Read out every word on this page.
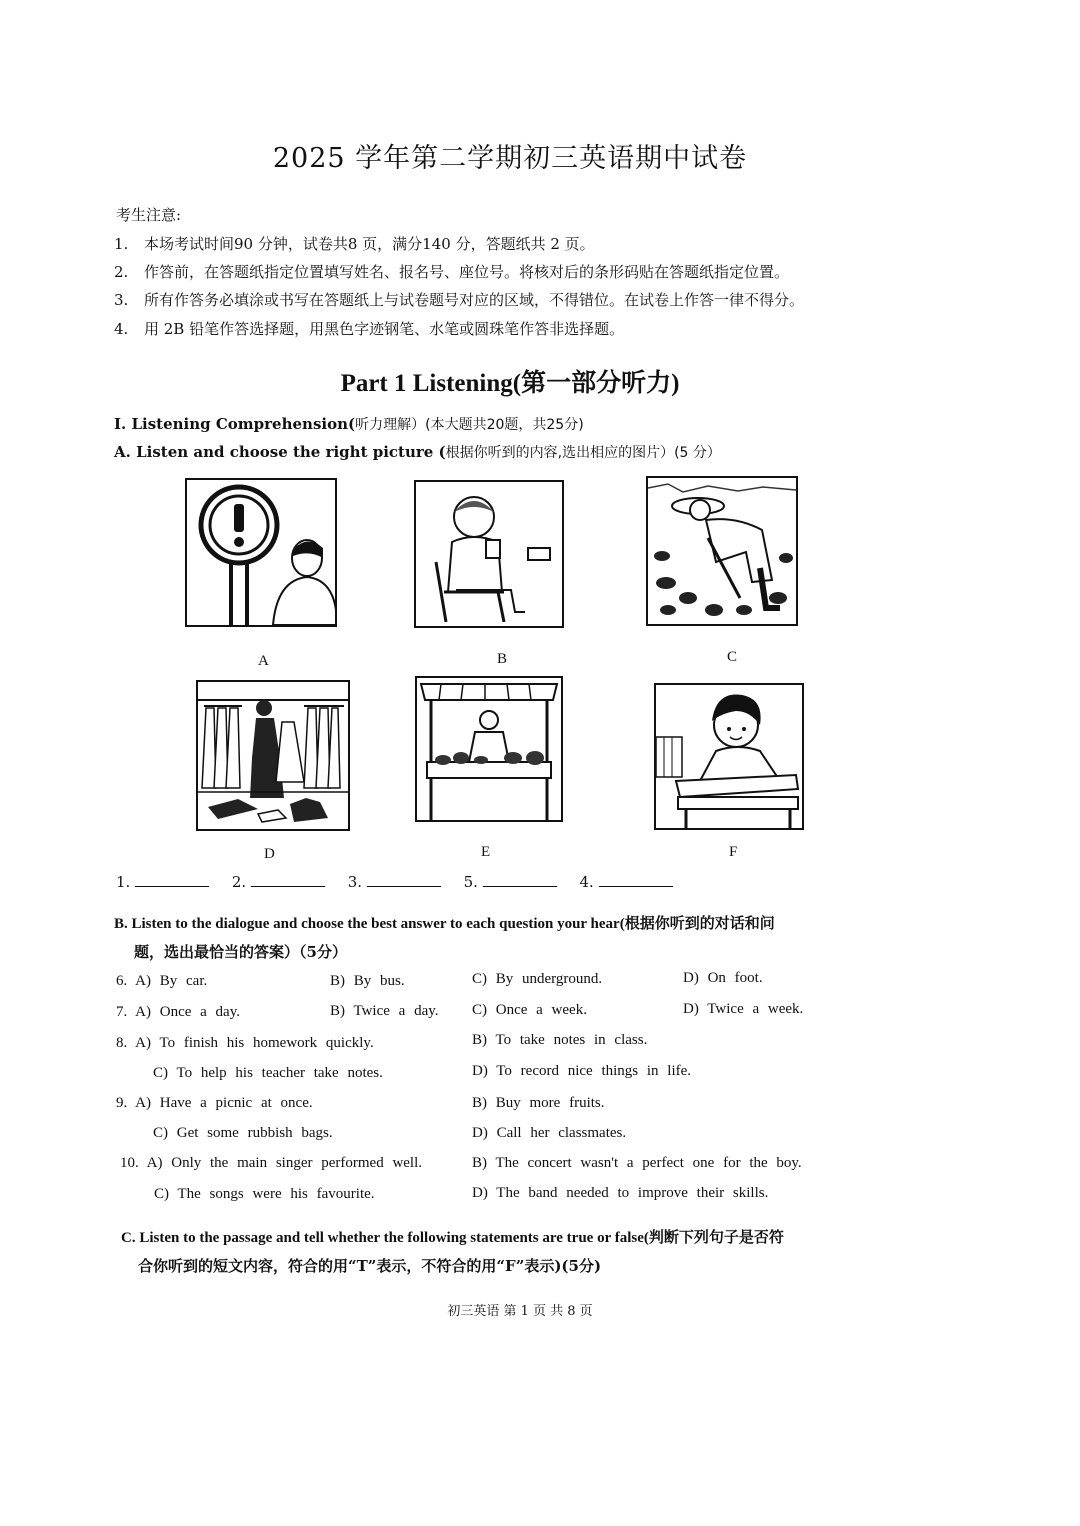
2025 学年第二学期初三英语期中试卷
考生注意:
1. 本场考试时间90 分钟，试卷共8 页，满分140 分，答题纸共 2 页。
2. 作答前，在答题纸指定位置填写姓名、报名号、座位号。将核对后的条形码贴在答题纸指定位置。
3. 所有作答务必填涂或书写在答题纸上与试卷题号对应的区域，不得错位。在试卷上作答一律不得分。
4. 用 2B 铅笔作答选择题，用黑色字迹钢笔、水笔或圆珠笔作答非选择题。
Part 1 Listening(第一部分听力)
I. Listening Comprehension(听力理解）(本大题共20题，共25分)
A. Listen and choose the right picture (根据你听到的内容,选出相应的图片）(5 分）
A	B	C
D	E	F
1.	2.	3.	5.	4.
B. Listen to the dialogue and choose the best answer to each question your hear(根据你听到的对话和问
题，选出最恰当的答案）（5分）
6. A) By car.	B) By bus.	C) By underground.	D) On foot.
7. A) Once a day.	B) Twice a day. C) Once a week.	D) Twice a week.
8. A) To finish his homework quickly.	B) To take notes in class.
C) To help his teacher take notes.	D) To record nice things in life.
9. A) Have a picnic at once.	B) Buy more fruits.
C) Get some rubbish bags.	D) Call her classmates.
10. A) Only the main singer performed well.	B) The concert wasn't a perfect one for the boy.
C) The songs were his favourite.	D) The band needed to improve their skills.
C. Listen to the passage and tell whether the following statements are true or false(判断下列句子是否符
合你听到的短文内容，符合的用“T”表示，不符合的用“F”表示)(5分)
初三英语 第 1 页 共 8 页
